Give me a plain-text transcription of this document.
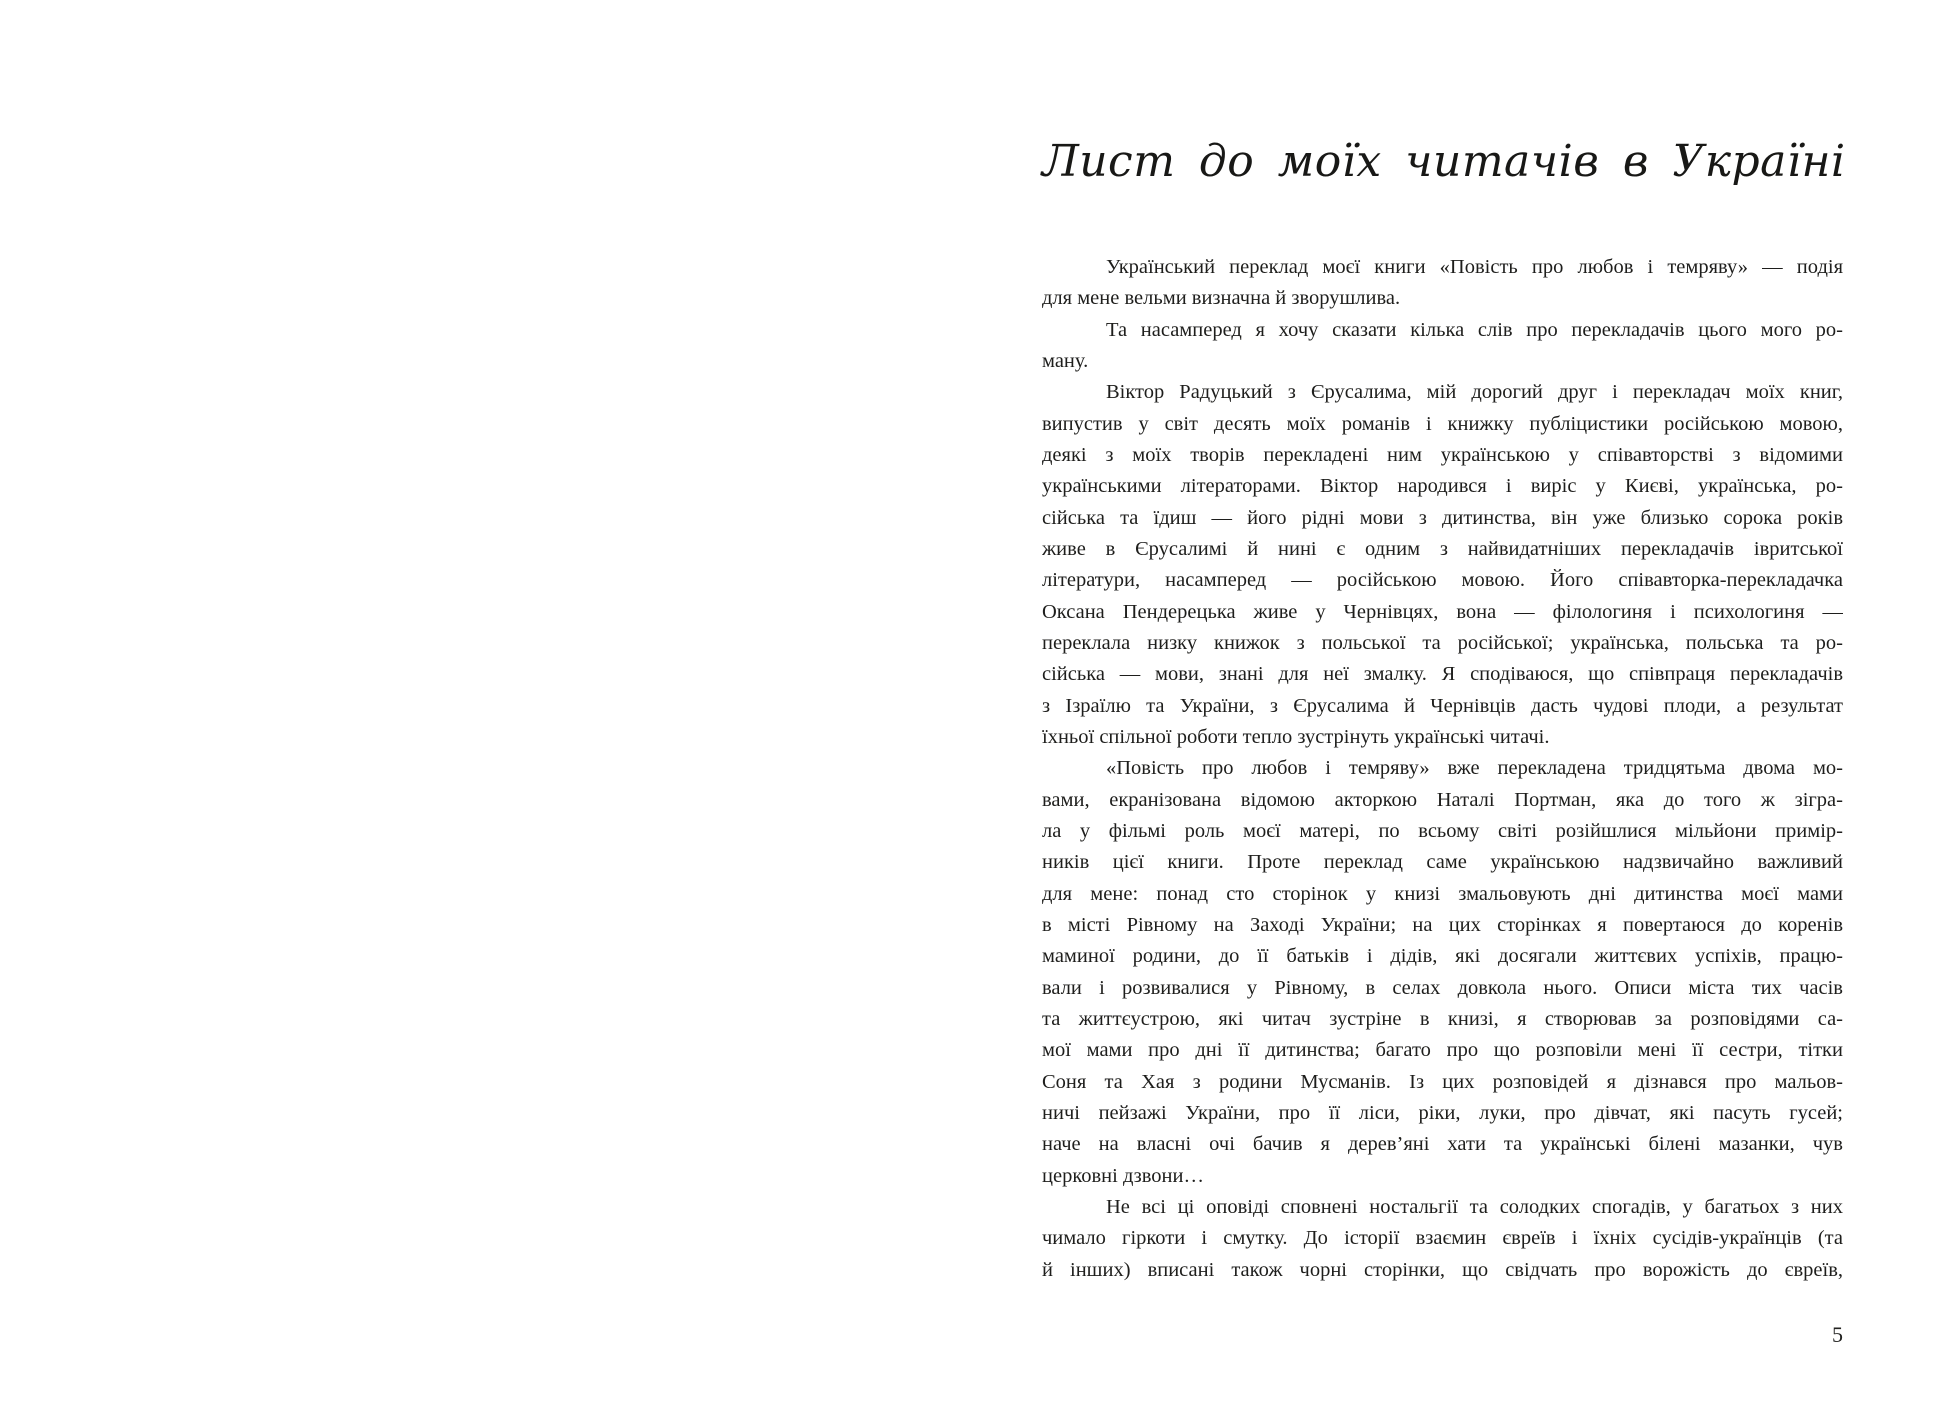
Лист до моїх читачів в Україні
Український переклад моєї книги «Повість про любов і темряву» — подія
для мене вельми визначна й зворушлива.
Та насамперед я хочу сказати кілька слів про перекладачів цього мого ро-
ману.
Віктор Радуцький з Єрусалима, мій дорогий друг і перекладач моїх книг,
випустив у світ десять моїх романів і книжку публіцистики російською мовою,
деякі з моїх творів перекладені ним українською у співавторстві з відомими
українськими літераторами. Віктор народився і виріс у Києві, українська, ро-
сійська та їдиш — його рідні мови з дитинства, він уже близько сорока років
живе в Єрусалимі й нині є одним з найвидатніших перекладачів івритської
літератури, насамперед — російською мовою. Його співавторка-перекладачка
Оксана Пендерецька живе у Чернівцях, вона — філологиня і психологиня —
переклала низку книжок з польської та російської; українська, польська та ро-
сійська — мови, знані для неї змалку. Я сподіваюся, що співпраця перекладачів
з Ізраїлю та України, з Єрусалима й Чернівців дасть чудові плоди, а результат
їхньої спільної роботи тепло зустрінуть українські читачі.
«Повість про любов і темряву» вже перекладена тридцятьма двома мо-
вами, екранізована відомою акторкою Наталі Портман, яка до того ж зігра-
ла у фільмі роль моєї матері, по всьому світі розійшлися мільйони примір-
ників цієї книги. Проте переклад саме українською надзвичайно важливий
для мене: понад сто сторінок у книзі змальовують дні дитинства моєї мами
в місті Рівному на Заході України; на цих сторінках я повертаюся до коренів
маминої родини, до її батьків і дідів, які досягали життєвих успіхів, працю-
вали і розвивалися у Рівному, в селах довкола нього. Описи міста тих часів
та життєустрою, які читач зустріне в книзі, я створював за розповідями са-
мої мами про дні її дитинства; багато про що розповіли мені її сестри, тітки
Соня та Хая з родини Мусманів. Із цих розповідей я дізнався про мальов-
ничі пейзажі України, про її ліси, ріки, луки, про дівчат, які пасуть гусей;
наче на власні очі бачив я дерев’яні хати та українські білені мазанки, чув
церковні дзвони…
Не всі ці оповіді сповнені ностальгії та солодких спогадів, у багатьох з них
чимало гіркоти і смутку. До історії взаємин євреїв і їхніх сусідів-українців (та
й інших) вписані також чорні сторінки, що свідчать про ворожість до євреїв,
5
